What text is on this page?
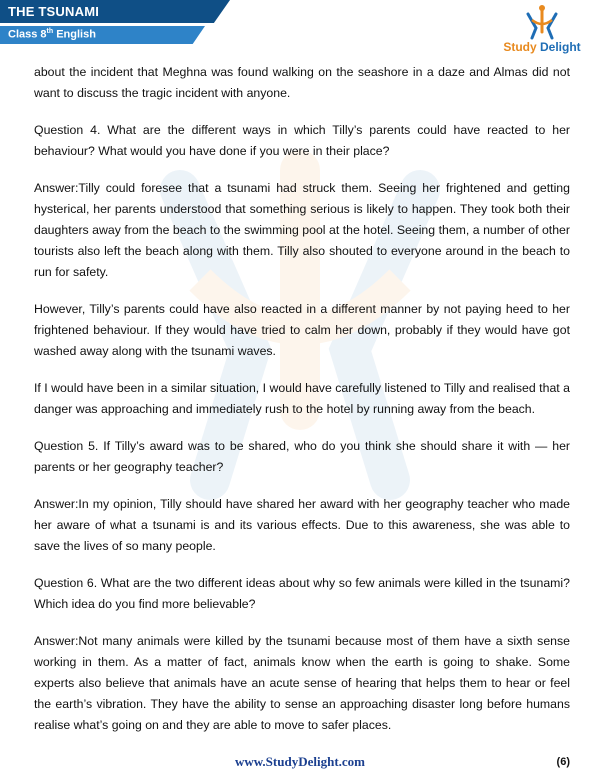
THE TSUNAMI
Class 8th English
Study Delight

about the incident that Meghna was found walking on the seashore in a daze and Almas did not want to discuss the tragic incident with anyone.

Question 4. What are the different ways in which Tilly’s parents could have reacted to her behaviour? What would you have done if you were in their place?

Answer:Tilly could foresee that a tsunami had struck them. Seeing her frightened and getting hysterical, her parents understood that something serious is likely to happen. They took both their daughters away from the beach to the swimming pool at the hotel. Seeing them, a number of other tourists also left the beach along with them. Tilly also shouted to everyone around in the beach to run for safety.

However, Tilly’s parents could have also reacted in a different manner by not paying heed to her frightened behaviour. If they would have tried to calm her down, probably if they would have got washed away along with the tsunami waves.

If I would have been in a similar situation, I would have carefully listened to Tilly and realised that a danger was approaching and immediately rush to the hotel by running away from the beach.

Question 5. If Tilly’s award was to be shared, who do you think she should share it with — her parents or her geography teacher?

Answer:In my opinion, Tilly should have shared her award with her geography teacher who made her aware of what a tsunami is and its various effects. Due to this awareness, she was able to save the lives of so many people.

Question 6. What are the two different ideas about why so few animals were killed in the tsunami? Which idea do you find more believable?

Answer:Not many animals were killed by the tsunami because most of them have a sixth sense working in them. As a matter of fact, animals know when the earth is going to shake. Some experts also believe that animals have an acute sense of hearing that helps them to hear or feel the earth’s vibration. They have the ability to sense an approaching disaster long before humans realise what’s going on and they are able to move to safer places.

www.StudyDelight.com	(6)
